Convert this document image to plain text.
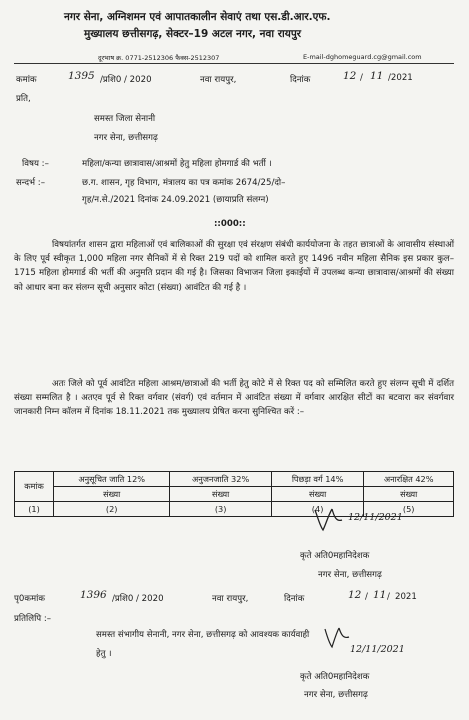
नगर सेना, अग्निशमन एवं आपातकालीन सेवाएं तथा एस.डी.आर.एफ.
मुख्यालय छत्तीसगढ़, सेक्टर–19 अटल नगर, नवा रायपुर
दूरभाष क्र. 0771-2512306 फैक्स-2512307	E-mail-dghomeguard.cg@gmail.com
कमांक	1395 /प्रशि0 / 2020	नवा रायपुर,	दिनांक	12 / 11 /2021
प्रति,
समस्त जिला सेनानी
नगर सेना, छत्तीसगढ़
विषय :–	महिला/कन्या छात्रावास/आश्रमों हेतु महिला होमगार्ड की भर्ती ।
सन्दर्भ :–	छ.ग. शासन, गृह विभाग, मंत्रालय का पत्र कमांक 2674/25/दो–
गृह/न.से./2021 दिनांक 24.09.2021 (छायाप्रति संलग्न)
::000::
विषयांतर्गत शासन द्वारा महिलाओं एवं बालिकाओं की सुरक्षा एवं संरक्षण संबंधी कार्ययोजना के तहत छात्राओं के आवासीय संस्थाओं के लिए पूर्व स्वीकृत 1,000 महिला नगर सैनिकों में से रिक्त 219 पदों को शामिल करते हुए 1496 नवीन महिला सैनिक इस प्रकार कुल–1715 महिला होमगार्ड की भर्ती की अनुमति प्रदान की गई है। जिसका विभाजन जिला इकाईयों में उपलब्ध कन्या छात्रावास/आश्रमों की संख्या को आधार बना कर संलग्न सूची अनुसार कोटा (संख्या) आवंटित की गई है ।
अतः जिले को पूर्व आवंटित महिला आश्रम/छात्राओं की भर्ती हेतु कोटे में से रिक्त पद को सम्मिलित करते हुए संलग्न सूची में दर्शित संख्या सम्मलित है । अतएव पूर्व से रिक्त वर्गवार (संवर्ग) एवं वर्तमान में आवंटित संख्या में वर्गवार आरक्षित सीटों का बटवारा कर संवर्गवार जानकारी निम्न कॉलम में दिनांक 18.11.2021 तक मुख्यालय प्रेषित करना सुनिश्चित करें :–
कमांक	अनुसूचित जाति 12%	अनुजनजाति 32%	पिछड़ा वर्ग 14%	अनारक्षित 42%
	संख्या	संख्या	संख्या	संख्या
(1)	(2)	(3)	(4)	(5)
12/11/2021
कृते अति0महानिदेशक
नगर सेना, छत्तीसगढ़
पृ0कमांक	1396 /प्रशि0 / 2020	नवा रायपुर,	दिनांक	12 / 11 / 2021
प्रतिलिपि :–
समस्त संभागीय सेनानी, नगर सेना, छत्तीसगढ़ को आवश्यक कार्यवाही
हेतु ।	12/11/2021
कृते अति0महानिदेशक
नगर सेना, छत्तीसगढ़
